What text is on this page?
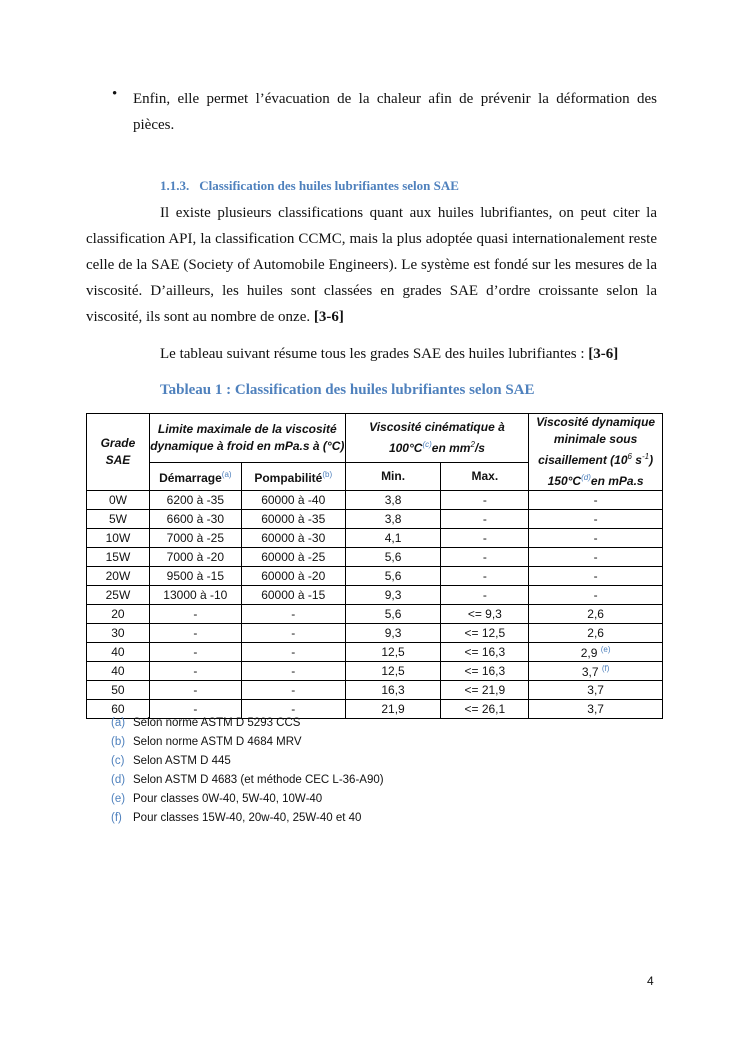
•	Enfin, elle permet l’évacuation de la chaleur afin de prévenir la déformation des pièces.
1.1.3. Classification des huiles lubrifiantes selon SAE
Il existe plusieurs classifications quant aux huiles lubrifiantes, on peut citer la classification API, la classification CCMC, mais la plus adoptée quasi internationalement reste celle de la SAE (Society of Automobile Engineers). Le système est fondé sur les mesures de la viscosité. D’ailleurs, les huiles sont classées en grades SAE d’ordre croissante selon la viscosité, ils sont au nombre de onze. [3-6]
Le tableau suivant résume tous les grades SAE des huiles lubrifiantes : [3-6]
Tableau 1 : Classification des huiles lubrifiantes selon SAE
Grade SAE	Limite maximale de la viscosité dynamique à froid en mPa.s à (°C)		Viscosité cinématique à $100^\circ C^{(c)}en$ $mm^2/s$		Viscosité dynamique minimale sous cisaillement ($10^6$ $s^{-1}$) $150^\circ C^{(d)}en$ mPa.s
	Démarrage$^{(a)}$	Pompabilité$^{(b)}$	Min.	Max.	
0W	6200 à -35	60000 à -40	3,8	-	-
5W	6600 à -30	60000 à -35	3,8	-	-
10W	7000 à -25	60000 à -30	4,1	-	-
15W	7000 à -20	60000 à -25	5,6	-	-
20W	9500 à -15	60000 à -20	5,6	-	-
25W	13000 à -10	60000 à -15	9,3	-	-
20	-	-	5,6	<= 9,3	2,6
30	-	-	9,3	<= 12,5	2,6
40	-	-	12,5	<= 16,3	2,9 $^{(e)}$
40	-	-	12,5	<= 16,3	3,7 $^{(f)}$
50	-	-	16,3	<= 21,9	3,7
60	-	-	21,9	<= 26,1	3,7
(a) Selon norme ASTM D 5293 CCS
(b) Selon norme ASTM D 4684 MRV
(c) Selon ASTM D 445
(d) Selon ASTM D 4683 (et méthode CEC L-36-A90)
(e) Pour classes 0W-40, 5W-40, 10W-40
(f) Pour classes 15W-40, 20w-40, 25W-40 et 40
4
